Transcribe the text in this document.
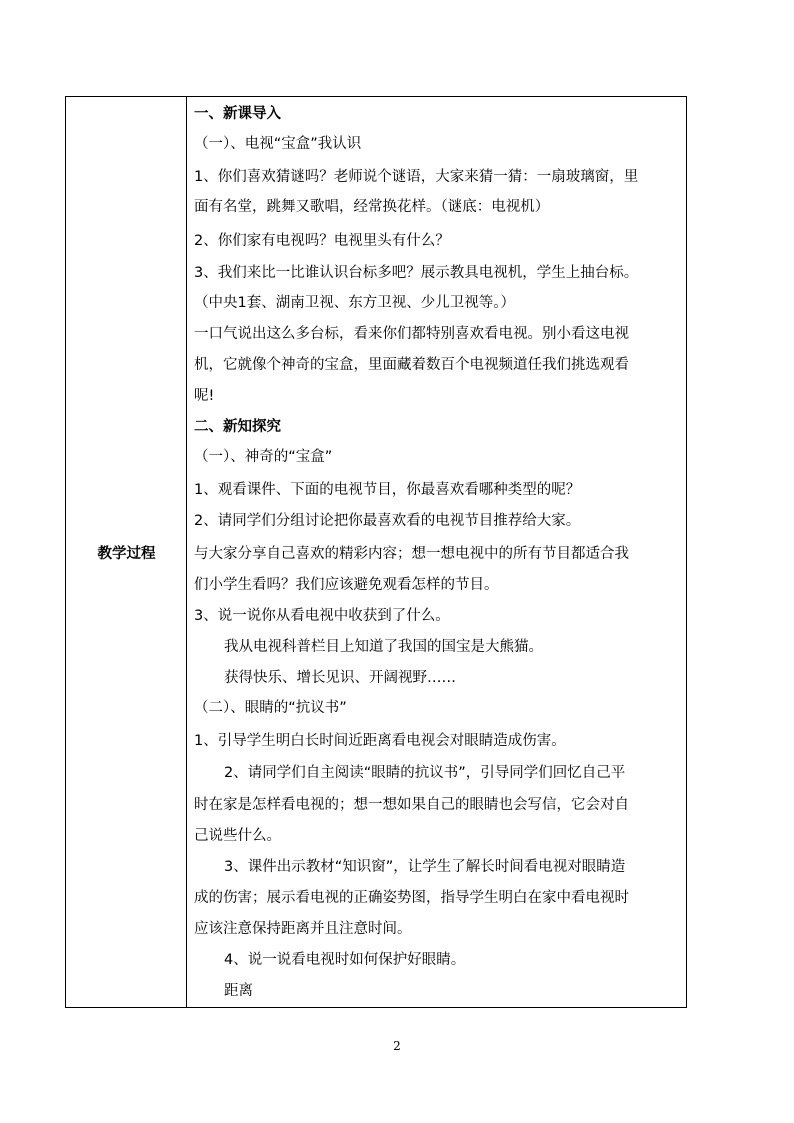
教学过程
一、新课导入
（一）、电视“宝盒”我认识
1、你们喜欢猜谜吗？老师说个谜语，大家来猜一猜：一扇玻璃窗，里
面有名堂，跳舞又歌唱，经常换花样。（谜底：电视机）
2、你们家有电视吗？电视里头有什么？
3、我们来比一比谁认识台标多吧？展示教具电视机，学生上抽台标。
（中央1套、湖南卫视、东方卫视、少儿卫视等。）
一口气说出这么多台标，看来你们都特别喜欢看电视。别小看这电视
机，它就像个神奇的宝盒，里面藏着数百个电视频道任我们挑选观看
呢!
二、新知探究
（一）、神奇的“宝盒”
1、观看课件、下面的电视节目，你最喜欢看哪种类型的呢？
2、请同学们分组讨论把你最喜欢看的电视节目推荐给大家。
与大家分享自己喜欢的精彩内容；想一想电视中的所有节目都适合我
们小学生看吗？我们应该避免观看怎样的节目。
3、说一说你从看电视中收获到了什么。
我从电视科普栏目上知道了我国的国宝是大熊猫。
获得快乐、增长见识、开阔视野……
（二）、眼睛的“抗议书”
1、引导学生明白长时间近距离看电视会对眼睛造成伤害。
2、请同学们自主阅读“眼睛的抗议书”，引导同学们回忆自己平
时在家是怎样看电视的；想一想如果自己的眼睛也会写信，它会对自
己说些什么。
3、课件出示教材“知识窗”，让学生了解长时间看电视对眼睛造
成的伤害；展示看电视的正确姿势图，指导学生明白在家中看电视时
应该注意保持距离并且注意时间。
4、说一说看电视时如何保护好眼睛。
距离
2
